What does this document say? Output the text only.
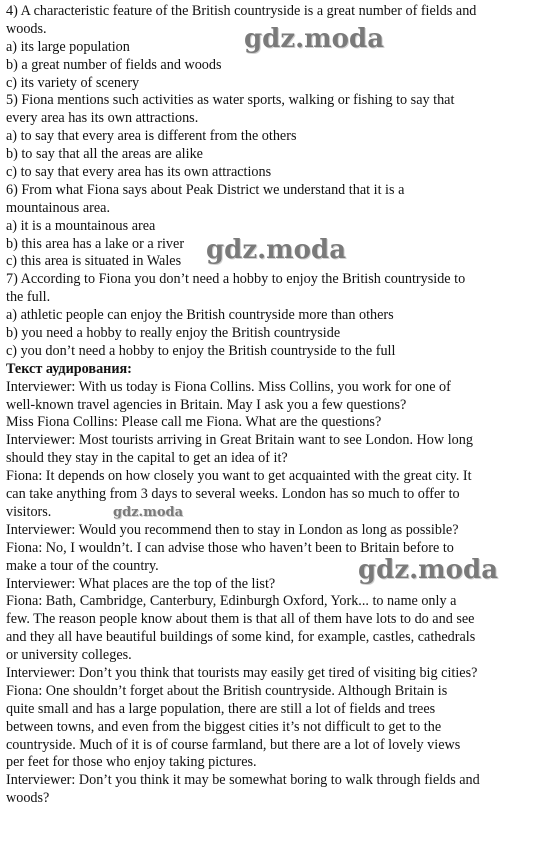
4) A characteristic feature of the British countryside is a great number of fields and
woods.
a) its large population
b) a great number of fields and woods
c) its variety of scenery
5) Fiona mentions such activities as water sports, walking or fishing to say that
every area has its own attractions.
a) to say that every area is different from the others
b) to say that all the areas are alike
c) to say that every area has its own attractions
6) From what Fiona says about Peak District we understand that it is a
mountainous area.
a) it is a mountainous area
b) this area has a lake or a river
c) this area is situated in Wales
7) According to Fiona you don’t need a hobby to enjoy the British countryside to
the full.
a) athletic people can enjoy the British countryside more than others
b) you need a hobby to really enjoy the British countryside
c) you don’t need a hobby to enjoy the British countryside to the full
Текст аудирования:
Interviewer: With us today is Fiona Collins. Miss Collins, you work for one of
well-known travel agencies in Britain. May I ask you a few questions?
Miss Fiona Collins: Please call me Fiona. What are the questions?
Interviewer: Most tourists arriving in Great Britain want to see London. How long
should they stay in the capital to get an idea of it?
Fiona: It depends on how closely you want to get acquainted with the great city. It
can take anything from 3 days to several weeks. London has so much to offer to
visitors.
Interviewer: Would you recommend then to stay in London as long as possible?
Fiona: No, I wouldn’t. I can advise those who haven’t been to Britain before to
make a tour of the country.
Interviewer: What places are the top of the list?
Fiona: Bath, Cambridge, Canterbury, Edinburgh Oxford, York... to name only a
few. The reason people know about them is that all of them have lots to do and see
and they all have beautiful buildings of some kind, for example, castles, cathedrals
or university colleges.
Interviewer: Don’t you think that tourists may easily get tired of visiting big cities?
Fiona: One shouldn’t forget about the British countryside. Although Britain is
quite small and has a large population, there are still a lot of fields and trees
between towns, and even from the biggest cities it’s not difficult to get to the
countryside. Much of it is of course farmland, but there are a lot of lovely views
per feet for those who enjoy taking pictures.
Interviewer: Don’t you think it may be somewhat boring to walk through fields and
woods?
gdz.moda
gdz.moda
gdz.moda
gdz.moda
